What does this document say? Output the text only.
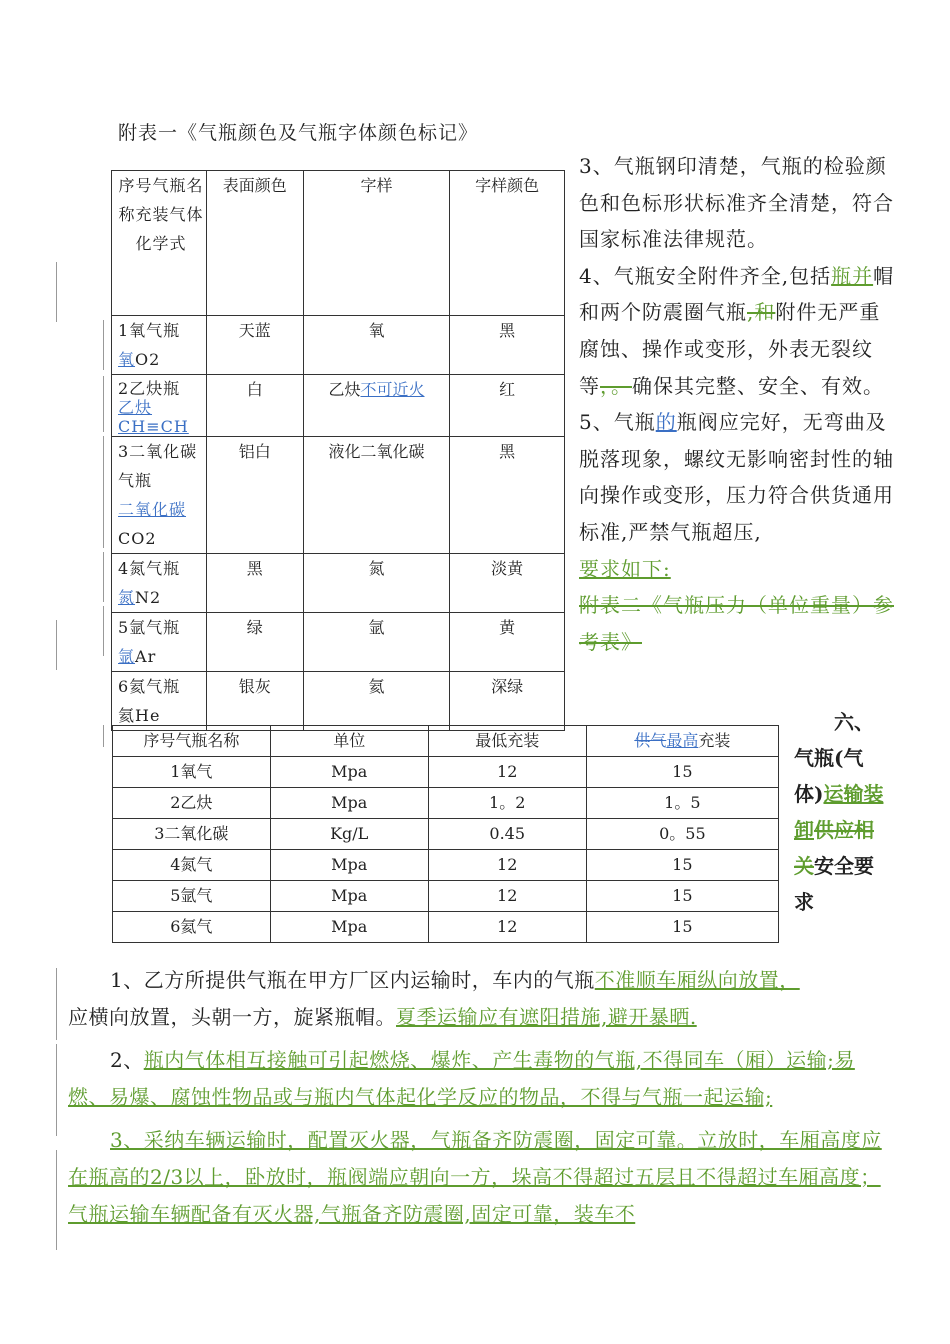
附表一《气瓶颜色及气瓶字体颜色标记》
序号气瓶名称充装气体化学式	表面颜色	字样	字样颜色
1氧气瓶
氧O2	天蓝	氧	黑
2乙炔瓶
乙炔
CH≡CH	白	乙炔不可近火	红
3二氧化碳气瓶
二氧化碳CO2	铝白	液化二氧化碳	黑
4氮气瓶
氮N2	黑	氮	淡黄
5氩气瓶
氩Ar	绿	氩	黄
6氦气瓶
氦He	银灰	氦	深绿

3、气瓶钢印清楚，气瓶的检验颜色和色标形状标准齐全清楚，符合国家标准法律规范。

4、气瓶安全附件齐全,包括瓶并帽和两个防震圈气瓶,和附件无严重腐蚀、操作或变形，外表无裂纹等，。确保其完整、安全、有效。

5、气瓶的瓶阀应完好，无弯曲及脱落现象，螺纹无影响密封性的轴向操作或变形，压力符合供货通用标准,严禁气瓶超压,
要求如下:
附表二《气瓶压力（单位重量）参考表》

六、
气瓶(气体)运输装卸供应相关安全要求
序号气瓶名称	单位	最低充装	供气最高充装
1氧气	Mpa	12	15
2乙炔	Mpa	1。2	1。5
3二氧化碳	Kg/L	0.45	0。55
4氮气	Mpa	12	15
5氩气	Mpa	12	15
6氦气	Mpa	12	15

1、乙方所提供气瓶在甲方厂区内运输时，车内的气瓶不准顺车厢纵向放置，
应横向放置，头朝一方，旋紧瓶帽。夏季运输应有遮阳措施,避开暴晒.

2、瓶内气体相互接触可引起燃烧、爆炸、产生毒物的气瓶,不得同车（厢）运输;易燃、易爆、腐蚀性物品或与瓶内气体起化学反应的物品，不得与气瓶一起运输;

3、采纳车辆运输时，配置灭火器，气瓶备齐防震圈，固定可靠。立放时，车厢高度应在瓶高的2/3以上，卧放时，瓶阀端应朝向一方，垛高不得超过五层且不得超过车厢高度；气瓶运输车辆配备有灭火器,气瓶备齐防震圈,固定可靠，装车不
